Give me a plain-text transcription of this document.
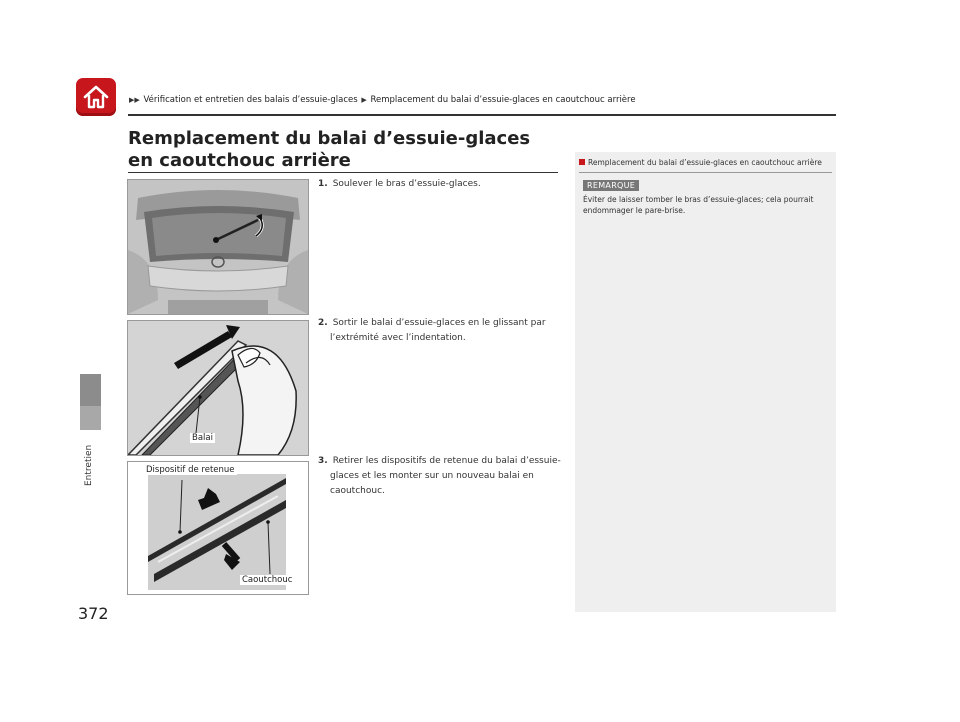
▶▶ Vérification et entretien des balais d’essuie-glaces ▶ Remplacement du balai d’essuie-glaces en caoutchouc arrière
Entretien
372
Remplacement du balai d’essuie-glaces en caoutchouc arrière
Balai
Dispositif de retenue
Caoutchouc
1. Soulever le bras d’essuie-glaces.
2. Sortir le balai d’essuie-glaces en le glissant par l’extrémité avec l’indentation.
3. Retirer les dispositifs de retenue du balai d’essuie-glaces et les monter sur un nouveau balai en caoutchouc.
Remplacement du balai d’essuie-glaces en caoutchouc arrière
REMARQUE
Éviter de laisser tomber le bras d’essuie-glaces; cela pourrait endommager le pare-brise.
